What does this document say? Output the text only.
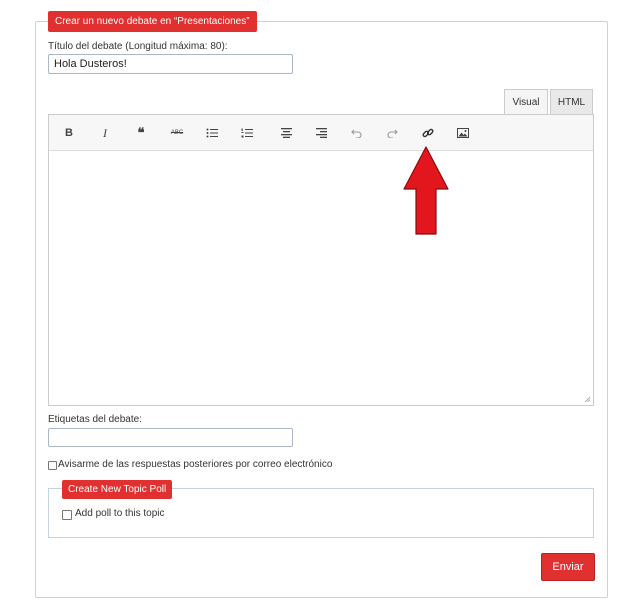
Crear un nuevo debate en “Presentaciones”
Título del debate (Longitud máxima: 80):
Hola Dusteros!
Visual	HTML
B	I ❝	ABC
Etiquetas del debate:
Avisarme de las respuestas posteriores por correo electrónico
Create New Topic Poll
Add poll to this topic
Enviar
